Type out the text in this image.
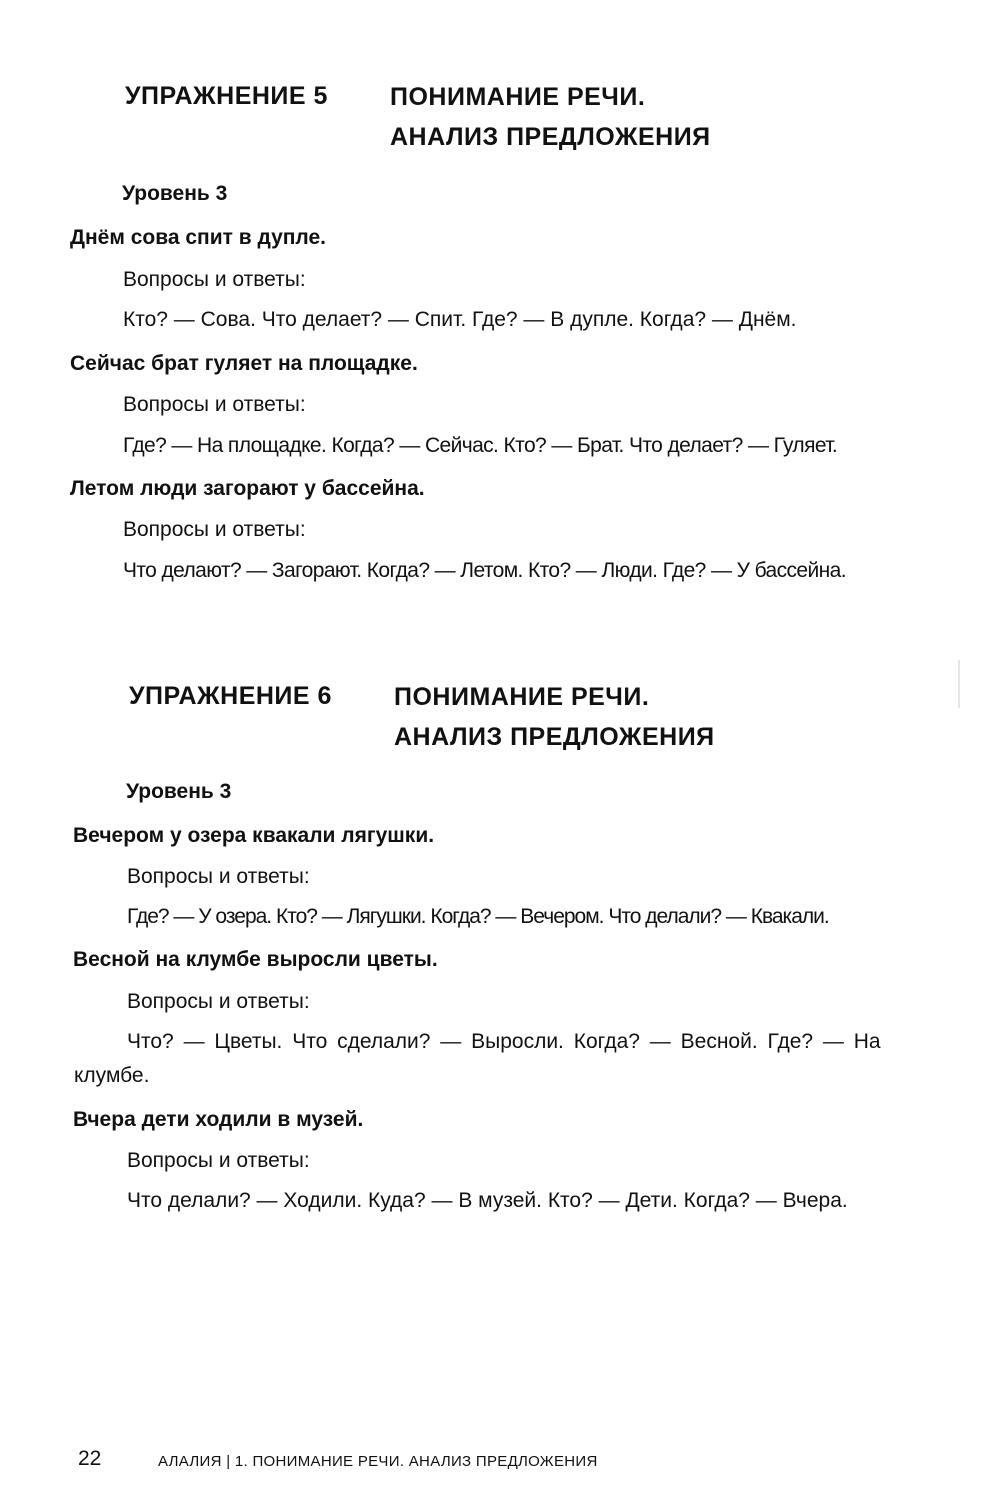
УПРАЖНЕНИЕ 5 ПОНИМАНИЕ РЕЧИ.
АНАЛИЗ ПРЕДЛОЖЕНИЯ
Уровень 3
Днём сова спит в дупле.
Вопросы и ответы:
Кто? — Сова. Что делает? — Спит. Где? — В дупле. Когда? — Днём.
Сейчас брат гуляет на площадке.
Вопросы и ответы:
Где? — На площадке. Когда? — Сейчас. Кто? — Брат. Что делает? — Гуляет.
Летом люди загорают у бассейна.
Вопросы и ответы:
Что делают? — Загорают. Когда? — Летом. Кто? — Люди. Где? — У бассейна.
УПРАЖНЕНИЕ 6 ПОНИМАНИЕ РЕЧИ.
АНАЛИЗ ПРЕДЛОЖЕНИЯ
Уровень 3
Вечером у озера квакали лягушки.
Вопросы и ответы:
Где? — У озера. Кто? — Лягушки. Когда? — Вечером. Что делали? — Квакали.
Весной на клумбе выросли цветы.
Вопросы и ответы:
Что? — Цветы. Что сделали? — Выросли. Когда? — Весной. Где? — На клумбе.
Вчера дети ходили в музей.
Вопросы и ответы:
Что делали? — Ходили. Куда? — В музей. Кто? — Дети. Когда? — Вчера.
22	АЛАЛИЯ | 1. ПОНИМАНИЕ РЕЧИ. АНАЛИЗ ПРЕДЛОЖЕНИЯ
